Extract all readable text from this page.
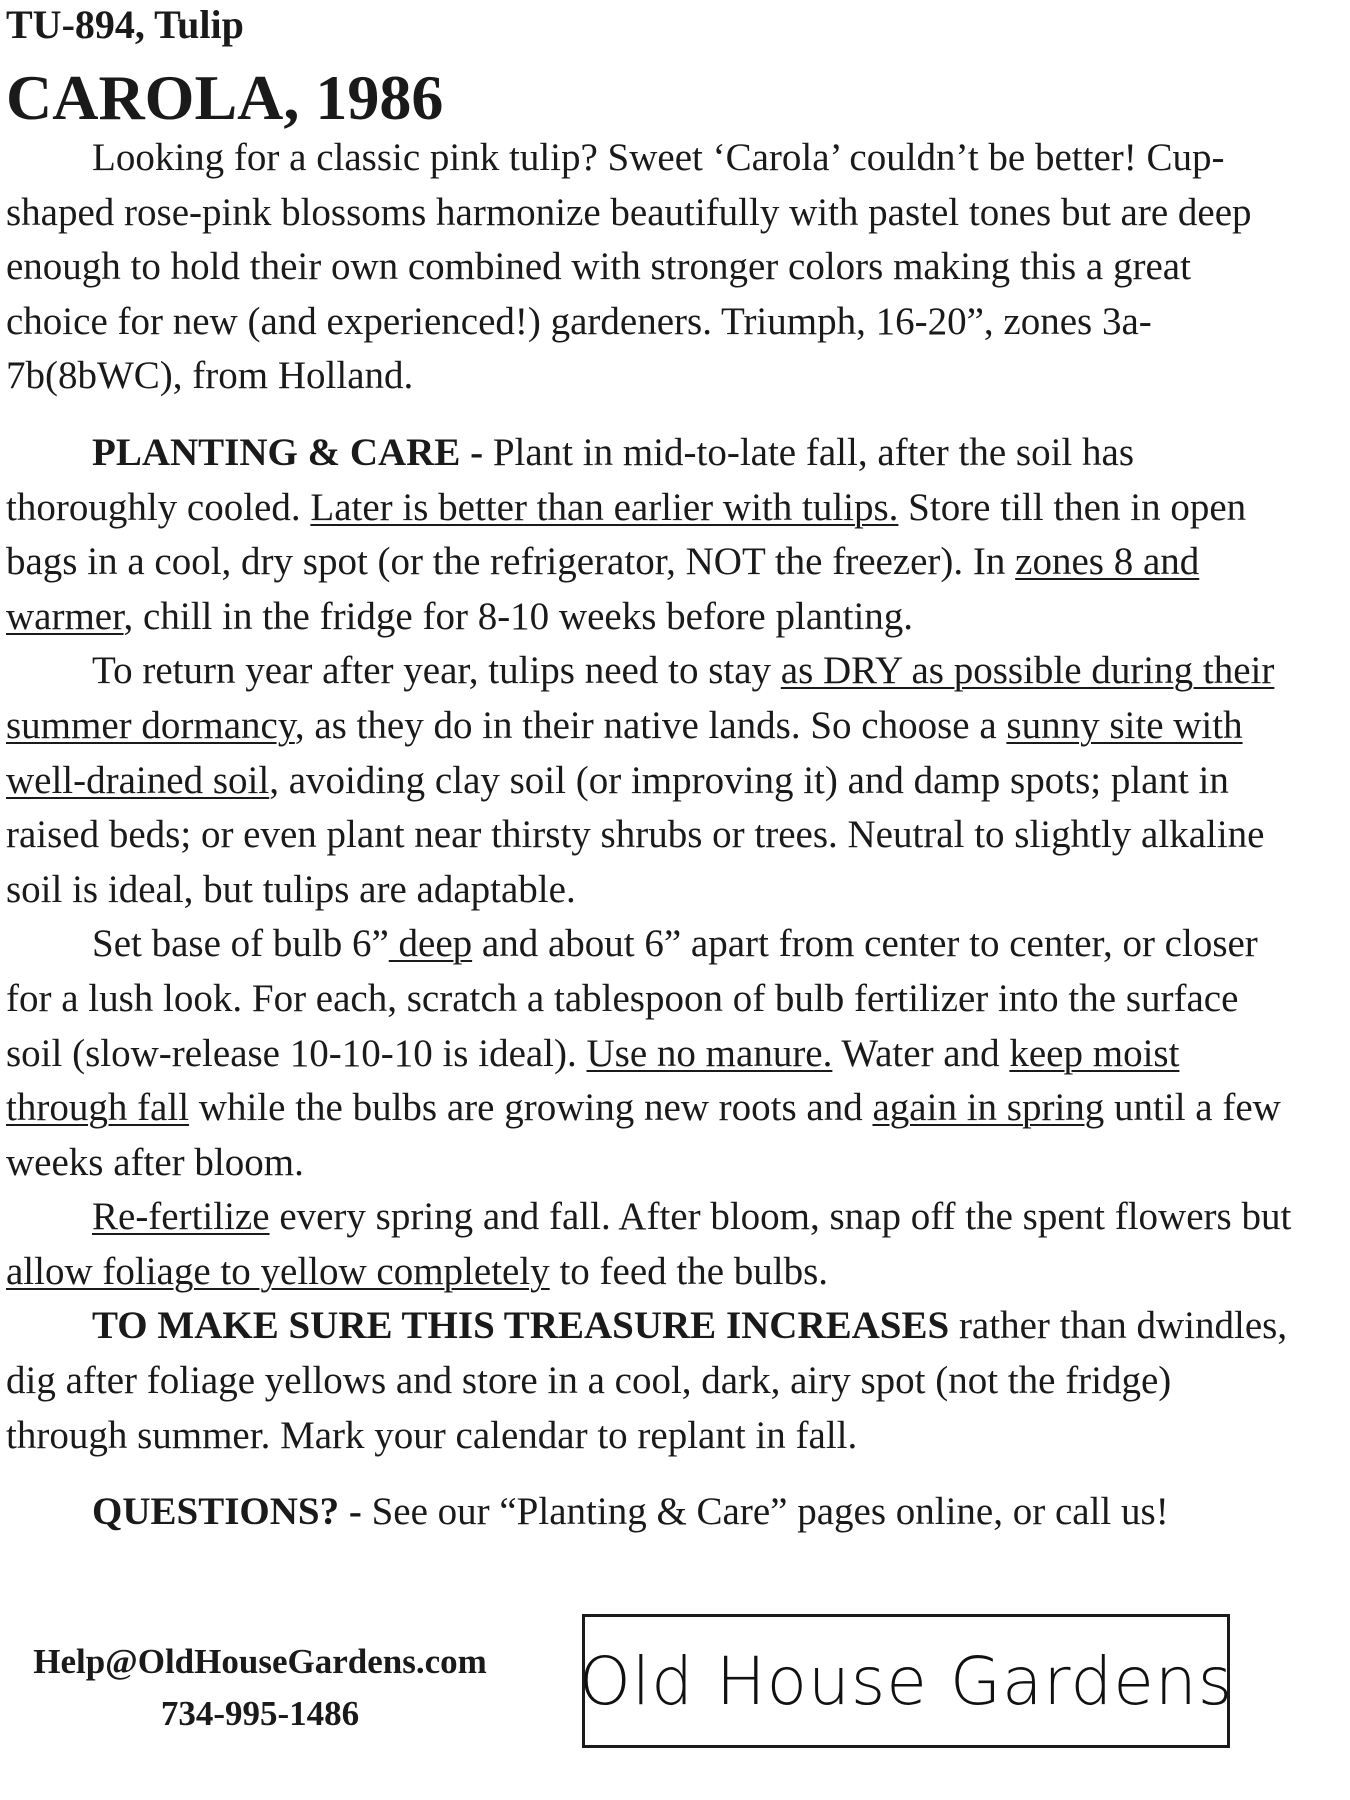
TU-894, Tulip
CAROLA, 1986

Looking for a classic pink tulip? Sweet ‘Carola’ couldn’t be better! Cup-shaped rose-pink blossoms harmonize beautifully with pastel tones but are deep enough to hold their own combined with stronger colors making this a great choice for new (and experienced!) gardeners. Triumph, 16-20”, zones 3a-7b(8bWC), from Holland.

PLANTING & CARE - Plant in mid-to-late fall, after the soil has thoroughly cooled. Later is better than earlier with tulips. Store till then in open bags in a cool, dry spot (or the refrigerator, NOT the freezer). In zones 8 and warmer, chill in the fridge for 8-10 weeks before planting.

To return year after year, tulips need to stay as DRY as possible during their summer dormancy, as they do in their native lands. So choose a sunny site with well-drained soil, avoiding clay soil (or improving it) and damp spots; plant in raised beds; or even plant near thirsty shrubs or trees. Neutral to slightly alkaline soil is ideal, but tulips are adaptable.

Set base of bulb 6” deep and about 6” apart from center to center, or closer for a lush look. For each, scratch a tablespoon of bulb fertilizer into the surface soil (slow-release 10-10-10 is ideal). Use no manure. Water and keep moist through fall while the bulbs are growing new roots and again in spring until a few weeks after bloom.

Re-fertilize every spring and fall. After bloom, snap off the spent flowers but allow foliage to yellow completely to feed the bulbs.

TO MAKE SURE THIS TREASURE INCREASES rather than dwindles, dig after foliage yellows and store in a cool, dark, airy spot (not the fridge) through summer. Mark your calendar to replant in fall.

QUESTIONS? - See our “Planting & Care” pages online, or call us!

Help@OldHouseGardens.com
734-995-1486	Old House Gardens
